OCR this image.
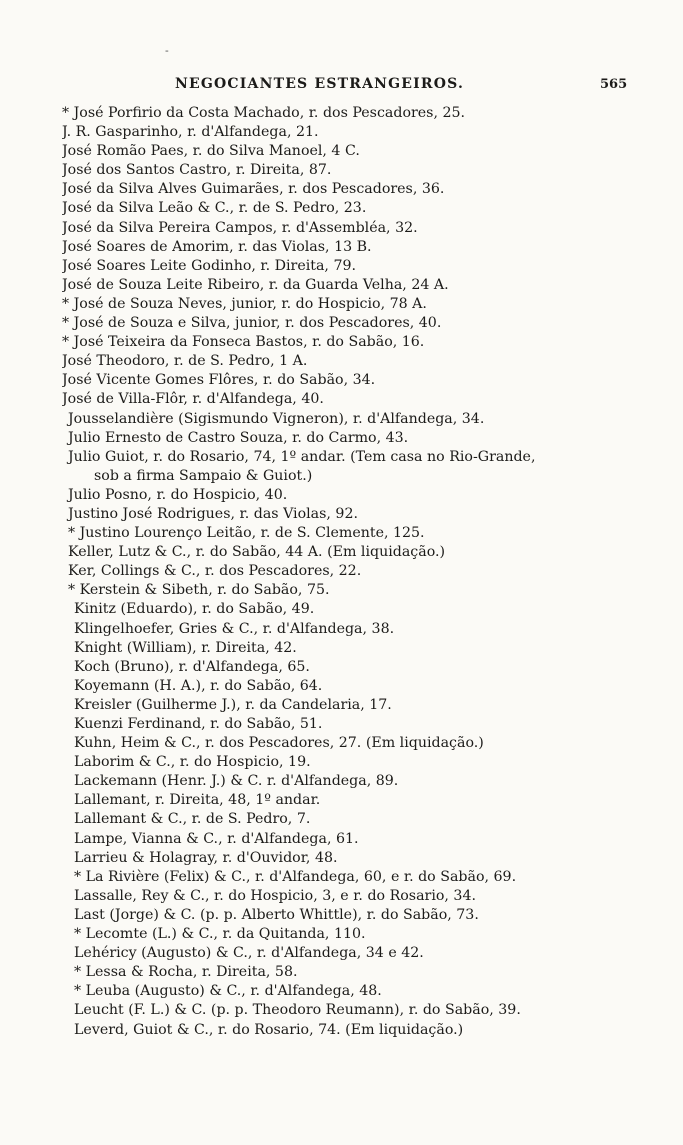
-
NEGOCIANTES ESTRANGEIROS.	565
* José Porfirio da Costa Machado, r. dos Pescadores, 25.
J. R. Gasparinho, r. d'Alfandega, 21.
José Romão Paes, r. do Silva Manoel, 4 C.
José dos Santos Castro, r. Direita, 87.
José da Silva Alves Guimarães, r. dos Pescadores, 36.
José da Silva Leão & C., r. de S. Pedro, 23.
José da Silva Pereira Campos, r. d'Assembléa, 32.
José Soares de Amorim, r. das Violas, 13 B.
José Soares Leite Godinho, r. Direita, 79.
José de Souza Leite Ribeiro, r. da Guarda Velha, 24 A.
* José de Souza Neves, junior, r. do Hospicio, 78 A.
* José de Souza e Silva, junior, r. dos Pescadores, 40.
* José Teixeira da Fonseca Bastos, r. do Sabão, 16.
José Theodoro, r. de S. Pedro, 1 A.
José Vicente Gomes Flôres, r. do Sabão, 34.
José de Villa-Flôr, r. d'Alfandega, 40.
Jousselandière (Sigismundo Vigneron), r. d'Alfandega, 34.
Julio Ernesto de Castro Souza, r. do Carmo, 43.
Julio Guiot, r. do Rosario, 74, 1º andar. (Tem casa no Rio-Grande,
sob a firma Sampaio & Guiot.)
Julio Posno, r. do Hospicio, 40.
Justino José Rodrigues, r. das Violas, 92.
* Justino Lourenço Leitão, r. de S. Clemente, 125.
Keller, Lutz & C., r. do Sabão, 44 A. (Em liquidação.)
Ker, Collings & C., r. dos Pescadores, 22.
* Kerstein & Sibeth, r. do Sabão, 75.
Kinitz (Eduardo), r. do Sabão, 49.
Klingelhoefer, Gries & C., r. d'Alfandega, 38.
Knight (William), r. Direita, 42.
Koch (Bruno), r. d'Alfandega, 65.
Koyemann (H. A.), r. do Sabão, 64.
Kreisler (Guilherme J.), r. da Candelaria, 17.
Kuenzi Ferdinand, r. do Sabão, 51.
Kuhn, Heim & C., r. dos Pescadores, 27. (Em liquidação.)
Laborim & C., r. do Hospicio, 19.
Lackemann (Henr. J.) & C. r. d'Alfandega, 89.
Lallemant, r. Direita, 48, 1º andar.
Lallemant & C., r. de S. Pedro, 7.
Lampe, Vianna & C., r. d'Alfandega, 61.
Larrieu & Holagray, r. d'Ouvidor, 48.
* La Rivière (Felix) & C., r. d'Alfandega, 60, e r. do Sabão, 69.
Lassalle, Rey & C., r. do Hospicio, 3, e r. do Rosario, 34.
Last (Jorge) & C. (p. p. Alberto Whittle), r. do Sabão, 73.
* Lecomte (L.) & C., r. da Quitanda, 110.
Lehéricy (Augusto) & C., r. d'Alfandega, 34 e 42.
* Lessa & Rocha, r. Direita, 58.
* Leuba (Augusto) & C., r. d'Alfandega, 48.
Leucht (F. L.) & C. (p. p. Theodoro Reumann), r. do Sabão, 39.
Leverd, Guiot & C., r. do Rosario, 74. (Em liquidação.)
